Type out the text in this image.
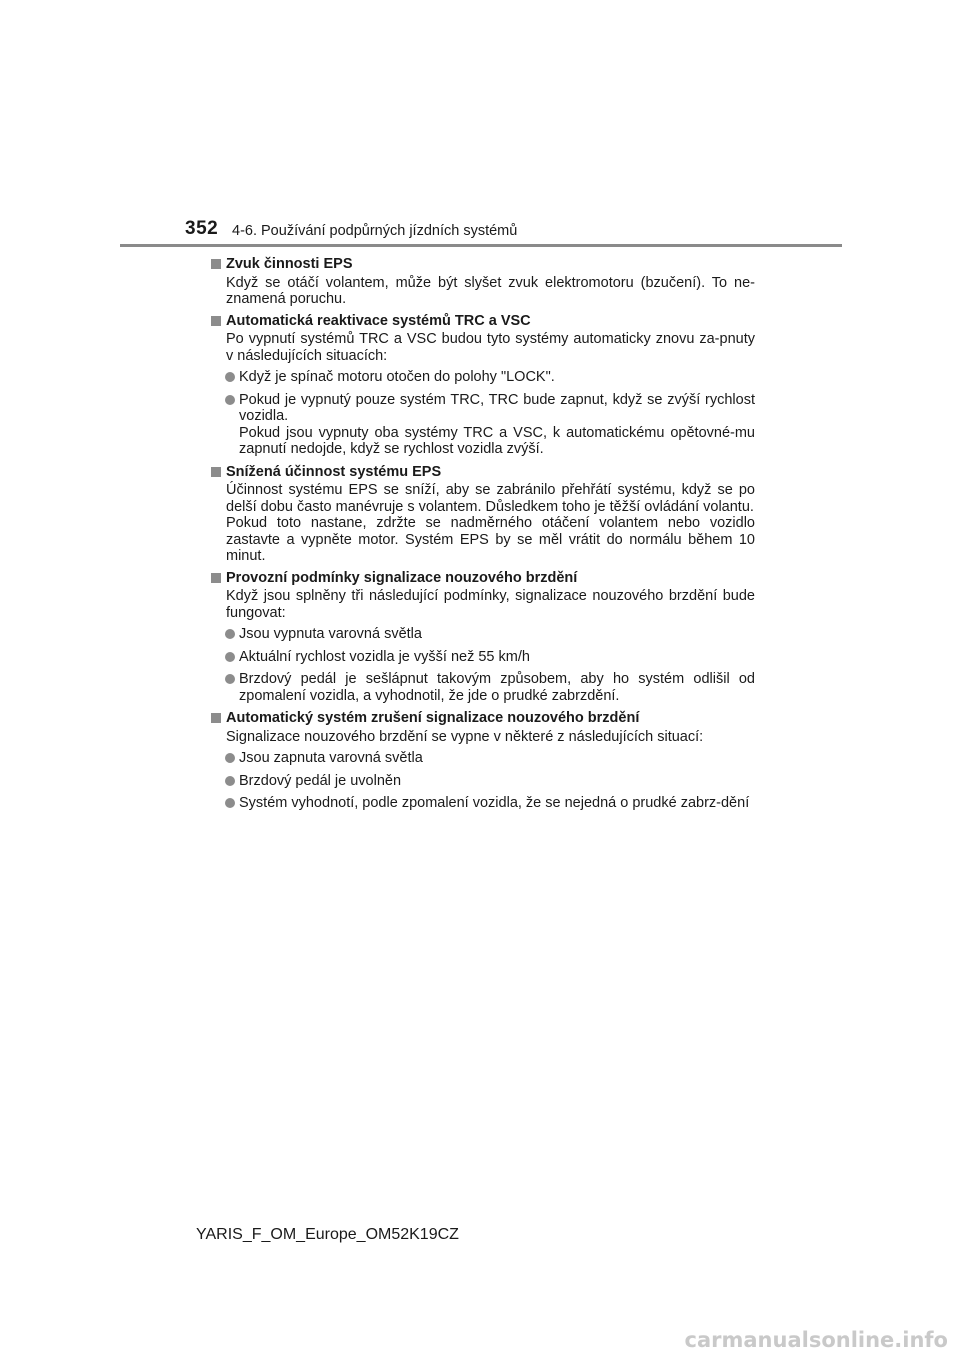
352 4-6. Používání podpůrných jízdních systémů
Zvuk činnosti EPS
Když se otáčí volantem, může být slyšet zvuk elektromotoru (bzučení). To ne-znamená poruchu.
Automatická reaktivace systémů TRC a VSC
Po vypnutí systémů TRC a VSC budou tyto systémy automaticky znovu za-pnuty v následujících situacích:
Když je spínač motoru otočen do polohy "LOCK".
Pokud je vypnutý pouze systém TRC, TRC bude zapnut, když se zvýší rychlost vozidla.
Pokud jsou vypnuty oba systémy TRC a VSC, k automatickému opětovné-mu zapnutí nedojde, když se rychlost vozidla zvýší.
Snížená účinnost systému EPS
Účinnost systému EPS se sníží, aby se zabránilo přehřátí systému, když se po delší dobu často manévruje s volantem. Důsledkem toho je těžší ovládání volantu.
Pokud toto nastane, zdržte se nadměrného otáčení volantem nebo vozidlo zastavte a vypněte motor. Systém EPS by se měl vrátit do normálu během 10 minut.
Provozní podmínky signalizace nouzového brzdění
Když jsou splněny tři následující podmínky, signalizace nouzového brzdění bude fungovat:
Jsou vypnuta varovná světla
Aktuální rychlost vozidla je vyšší než 55 km/h
Brzdový pedál je sešlápnut takovým způsobem, aby ho systém odlišil od zpomalení vozidla, a vyhodnotil, že jde o prudké zabrzdění.
Automatický systém zrušení signalizace nouzového brzdění
Signalizace nouzového brzdění se vypne v některé z následujících situací:
Jsou zapnuta varovná světla
Brzdový pedál je uvolněn
Systém vyhodnotí, podle zpomalení vozidla, že se nejedná o prudké zabrz-dění
YARIS_F_OM_Europe_OM52K19CZ
carmanualsonline.info
